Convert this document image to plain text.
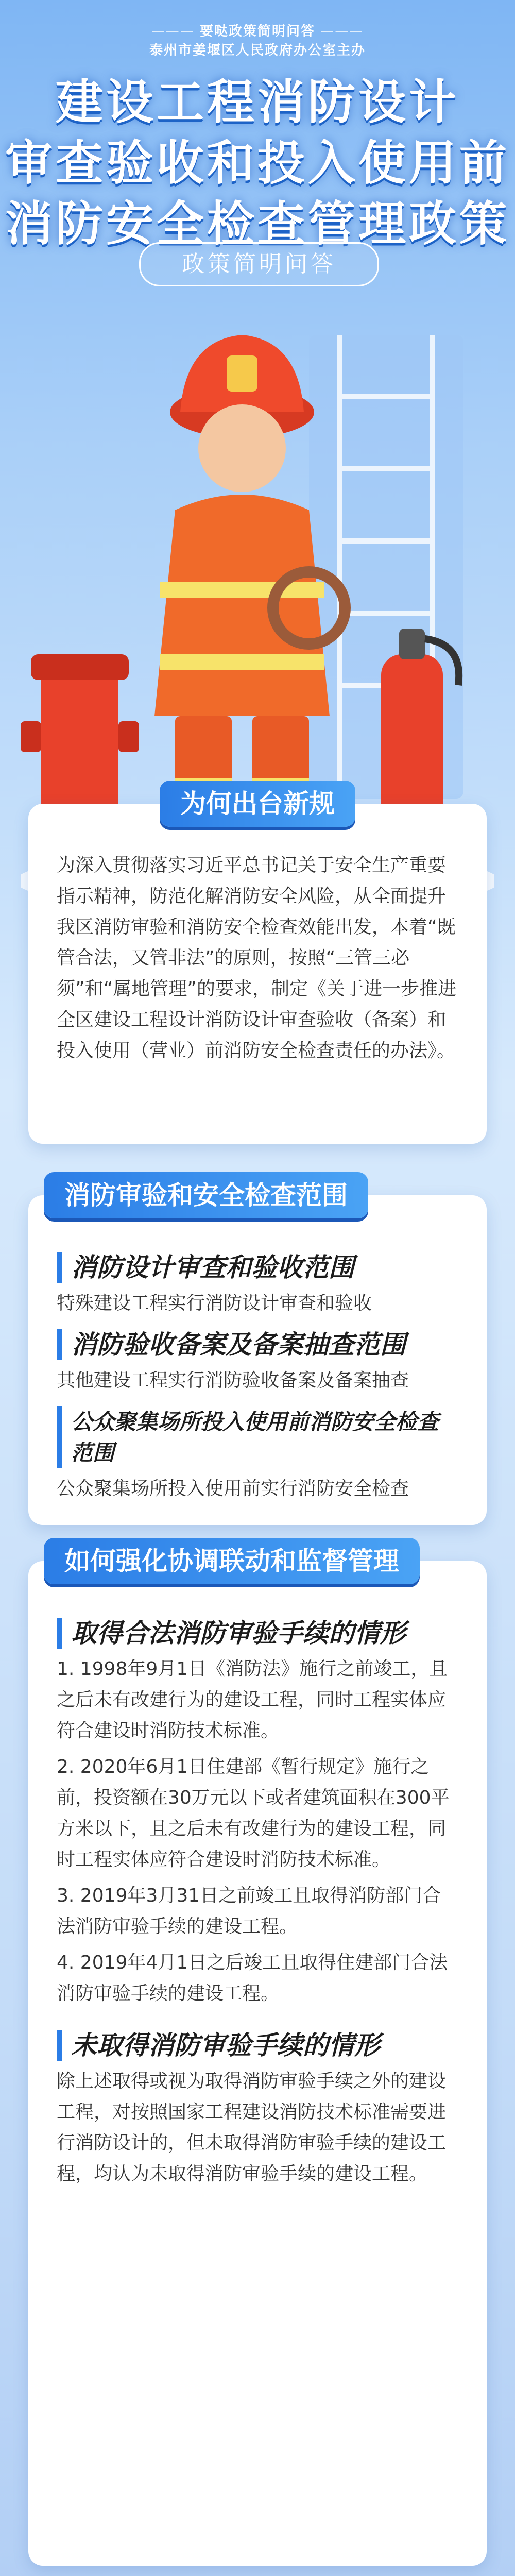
——— 要哒政策简明问答 ———
泰州市姜堰区人民政府办公室主办
建设工程消防设计
审查验收和投入使用前
消防安全检查管理政策
政策简明问答
为何出台新规
为深入贯彻落实习近平总书记关于安全生产重要指示精神，防范化解消防安全风险，从全面提升我区消防审验和消防安全检查效能出发，本着“既管合法，又管非法”的原则，按照“三管三必须”和“属地管理”的要求，制定《关于进一步推进全区建设工程设计消防设计审查验收（备案）和投入使用（营业）前消防安全检查责任的办法》。
消防审验和安全检查范围
消防设计审查和验收范围
特殊建设工程实行消防设计审查和验收
消防验收备案及备案抽查范围
其他建设工程实行消防验收备案及备案抽查
公众聚集场所投入使用前消防安全检查范围
公众聚集场所投入使用前实行消防安全检查
如何强化协调联动和监督管理
取得合法消防审验手续的情形
1. 1998年9月1日《消防法》施行之前竣工，且之后未有改建行为的建设工程，同时工程实体应符合建设时消防技术标准。
2. 2020年6月1日住建部《暂行规定》施行之前，投资额在30万元以下或者建筑面积在300平方米以下，且之后未有改建行为的建设工程，同时工程实体应符合建设时消防技术标准。
3. 2019年3月31日之前竣工且取得消防部门合法消防审验手续的建设工程。
4. 2019年4月1日之后竣工且取得住建部门合法消防审验手续的建设工程。
未取得消防审验手续的情形
除上述取得或视为取得消防审验手续之外的建设工程，对按照国家工程建设消防技术标准需要进行消防设计的，但未取得消防审验手续的建设工程，均认为未取得消防审验手续的建设工程。
